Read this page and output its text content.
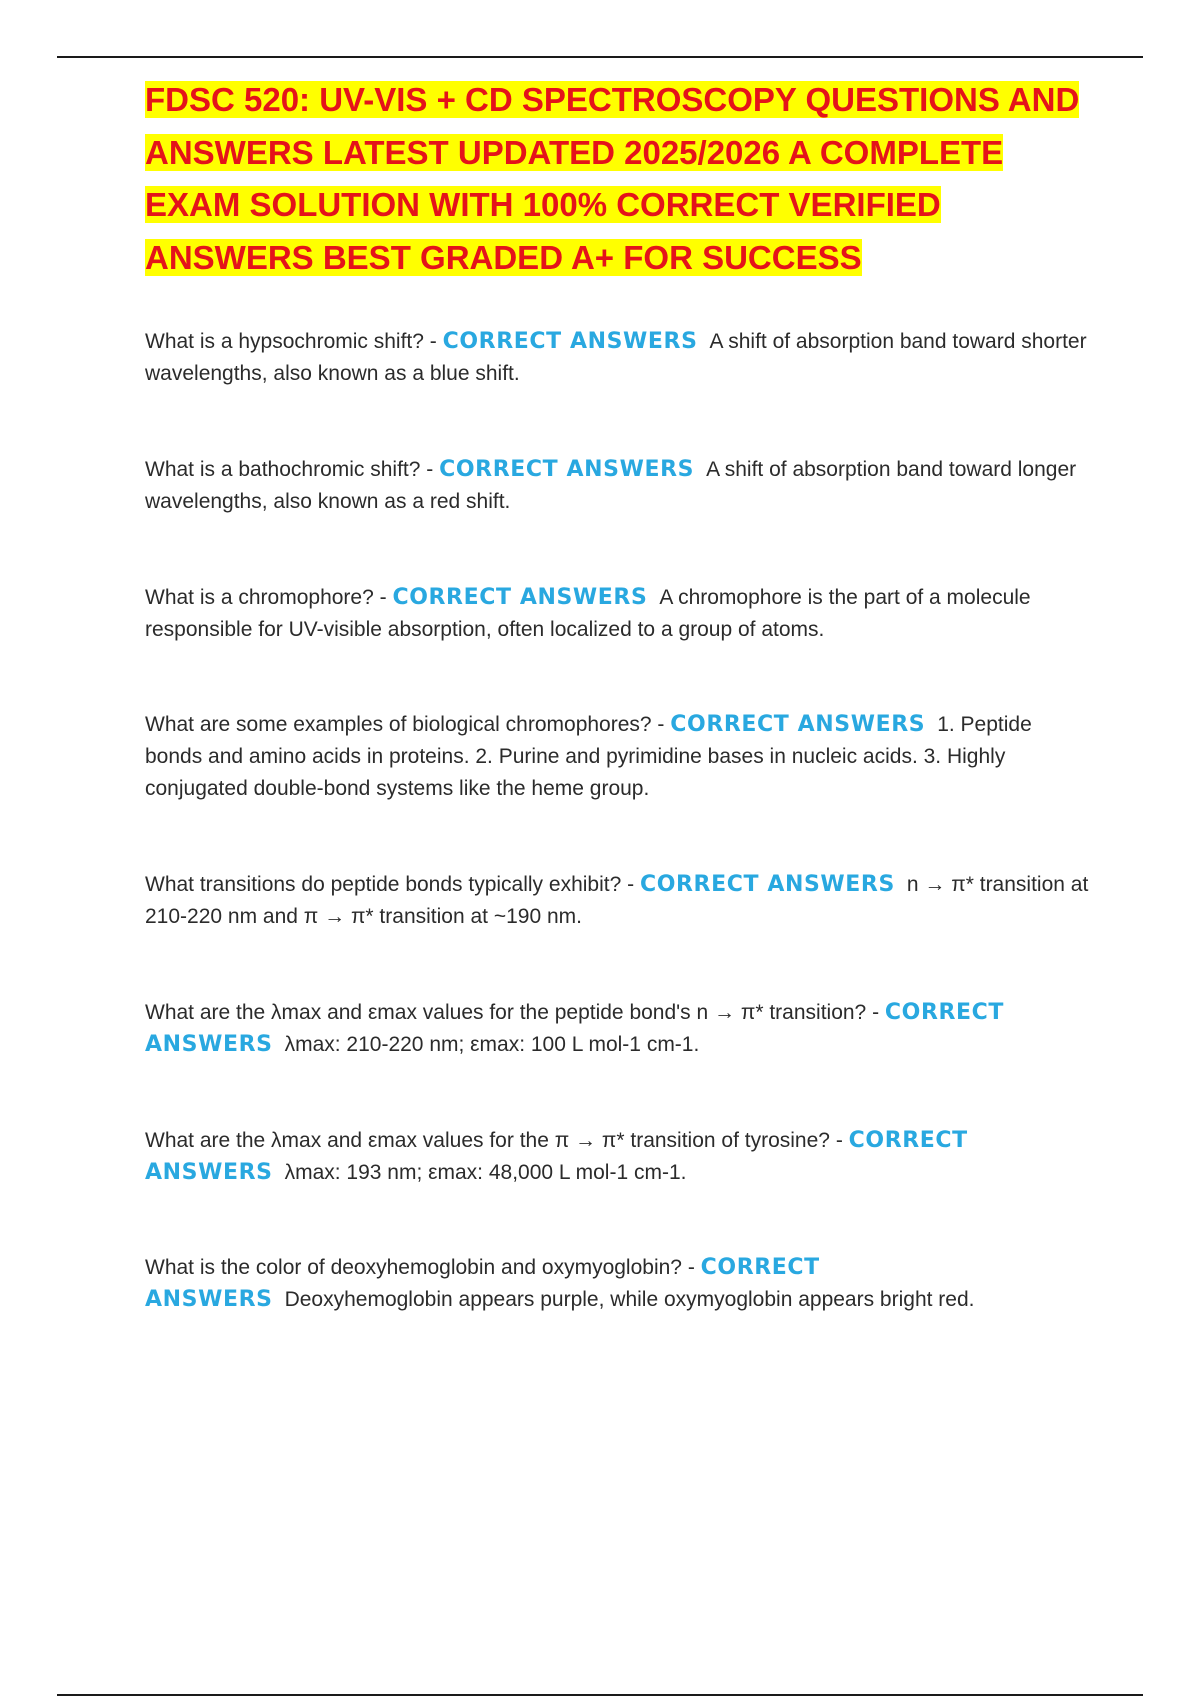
FDSC 520: UV-VIS + CD SPECTROSCOPY QUESTIONS AND ANSWERS LATEST UPDATED 2025/2026 A COMPLETE EXAM SOLUTION WITH 100% CORRECT VERIFIED ANSWERS BEST GRADED A+ FOR SUCCESS

What is a hypsochromic shift? - CORRECT ANSWERS A shift of absorption band toward shorter wavelengths, also known as a blue shift.

What is a bathochromic shift? - CORRECT ANSWERS A shift of absorption band toward longer wavelengths, also known as a red shift.

What is a chromophore? - CORRECT ANSWERS A chromophore is the part of a molecule responsible for UV-visible absorption, often localized to a group of atoms.

What are some examples of biological chromophores? - CORRECT ANSWERS 1. Peptide bonds and amino acids in proteins. 2. Purine and pyrimidine bases in nucleic acids. 3. Highly conjugated double-bond systems like the heme group.

What transitions do peptide bonds typically exhibit? - CORRECT ANSWERS n → π* transition at 210-220 nm and π → π* transition at ~190 nm.

What are the λmax and εmax values for the peptide bond's n → π* transition? - CORRECT ANSWERS λmax: 210-220 nm; εmax: 100 L mol-1 cm-1.

What are the λmax and εmax values for the π → π* transition of tyrosine? - CORRECT ANSWERS λmax: 193 nm; εmax: 48,000 L mol-1 cm-1.

What is the color of deoxyhemoglobin and oxymyoglobin? - CORRECT ANSWERS Deoxyhemoglobin appears purple, while oxymyoglobin appears bright red.
